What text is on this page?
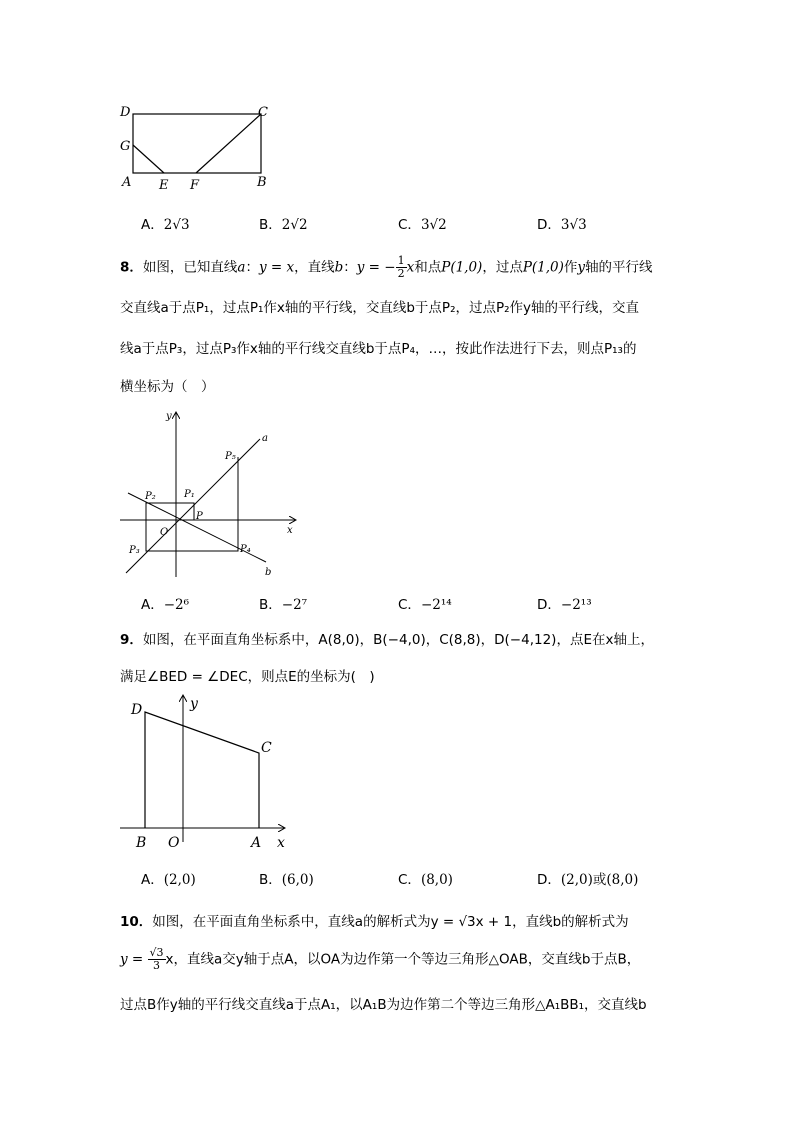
D	C
G
A E F	B
A．2√3	B．2√2	C．3√2	D．3√3
8．如图，已知直线a：y = x，直线b：y = − $\frac{1}{2}$ x和点P(1,0)，过点P(1,0)作y轴的平行线
交直线a于点P₁，过点P₁作x轴的平行线，交直线b于点P₂，过点P₂作y轴的平行线，交直
线a于点P₃，过点P₃作x轴的平行线交直线b于点P₄，…，按此作法进行下去，则点P₁₃的
横坐标为（　）
y
x
a
b
O
P
P₁
P₂
P₃	P₄
P₅
A．−2⁶	B．−2⁷	C．−2¹⁴	D．−2¹³
9．如图，在平面直角坐标系中，A(8,0)，B(−4,0)，C(8,8)，D(−4,12)，点E在x轴上，
满足∠BED = ∠DEC，则点E的坐标为(　)
D	y
C
B O	A x
A．(2,0)	B．(6,0)	C．(8,0)	D．(2,0)或(8,0)
10．如图，在平面直角坐标系中，直线a的解析式为y = √3x + 1，直线b的解析式为
$y = \frac{√3}{3}$ x，直线a交y轴于点A，以OA为边作第一个等边三角形△OAB，交直线b于点B，
过点B作y轴的平行线交直线a于点A₁，以A₁B为边作第二个等边三角形△A₁BB₁，交直线b
